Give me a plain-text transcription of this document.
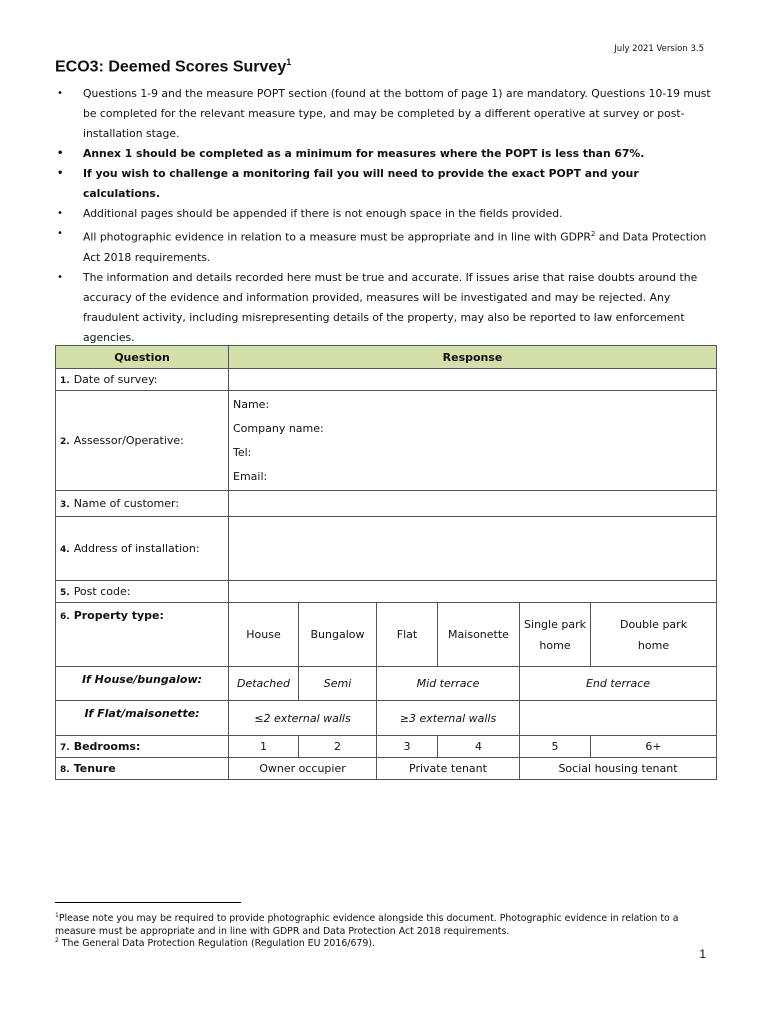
July 2021 Version 3.5
ECO3: Deemed Scores Survey$^1$
• Questions 1-9 and the measure POPT section (found at the bottom of page 1) are mandatory. Questions 10-19 must be completed for the relevant measure type, and may be completed by a different operative at survey or post-installation stage.
• Annex 1 should be completed as a minimum for measures where the POPT is less than 67%.
• If you wish to challenge a monitoring fail you will need to provide the exact POPT and your calculations.
• Additional pages should be appended if there is not enough space in the fields provided.
• All photographic evidence in relation to a measure must be appropriate and in line with GDPR$^2$ and Data Protection Act 2018 requirements.
• The information and details recorded here must be true and accurate. If issues arise that raise doubts around the accuracy of the evidence and information provided, measures will be investigated and may be rejected. Any fraudulent activity, including misrepresenting details of the property, may also be reported to law enforcement agencies.
Question	Response					
1. Date of survey:						
2. Assessor/Operative:	Name:
Company name:
Tel:
Email:					

3. Name of customer:						
4. Address of installation:						
5. Post code:						
6. Property type:	House	Bungalow	Flat	Maisonette	Single park home	Double park home
If House/bungalow:	Detached	Semi	Mid terrace		End terrace	
If Flat/maisonette:	≤2 external walls		≥3 external walls			
7. Bedrooms:	1	2	3	4	5	6+
8. Tenure	Owner occupier		Private tenant		Social housing tenant	
$^1$Please note you may be required to provide photographic evidence alongside this document. Photographic evidence in relation to a measure must be appropriate and in line with GDPR and Data Protection Act 2018 requirements.
$^2$ The General Data Protection Regulation (Regulation EU 2016/679).
1
